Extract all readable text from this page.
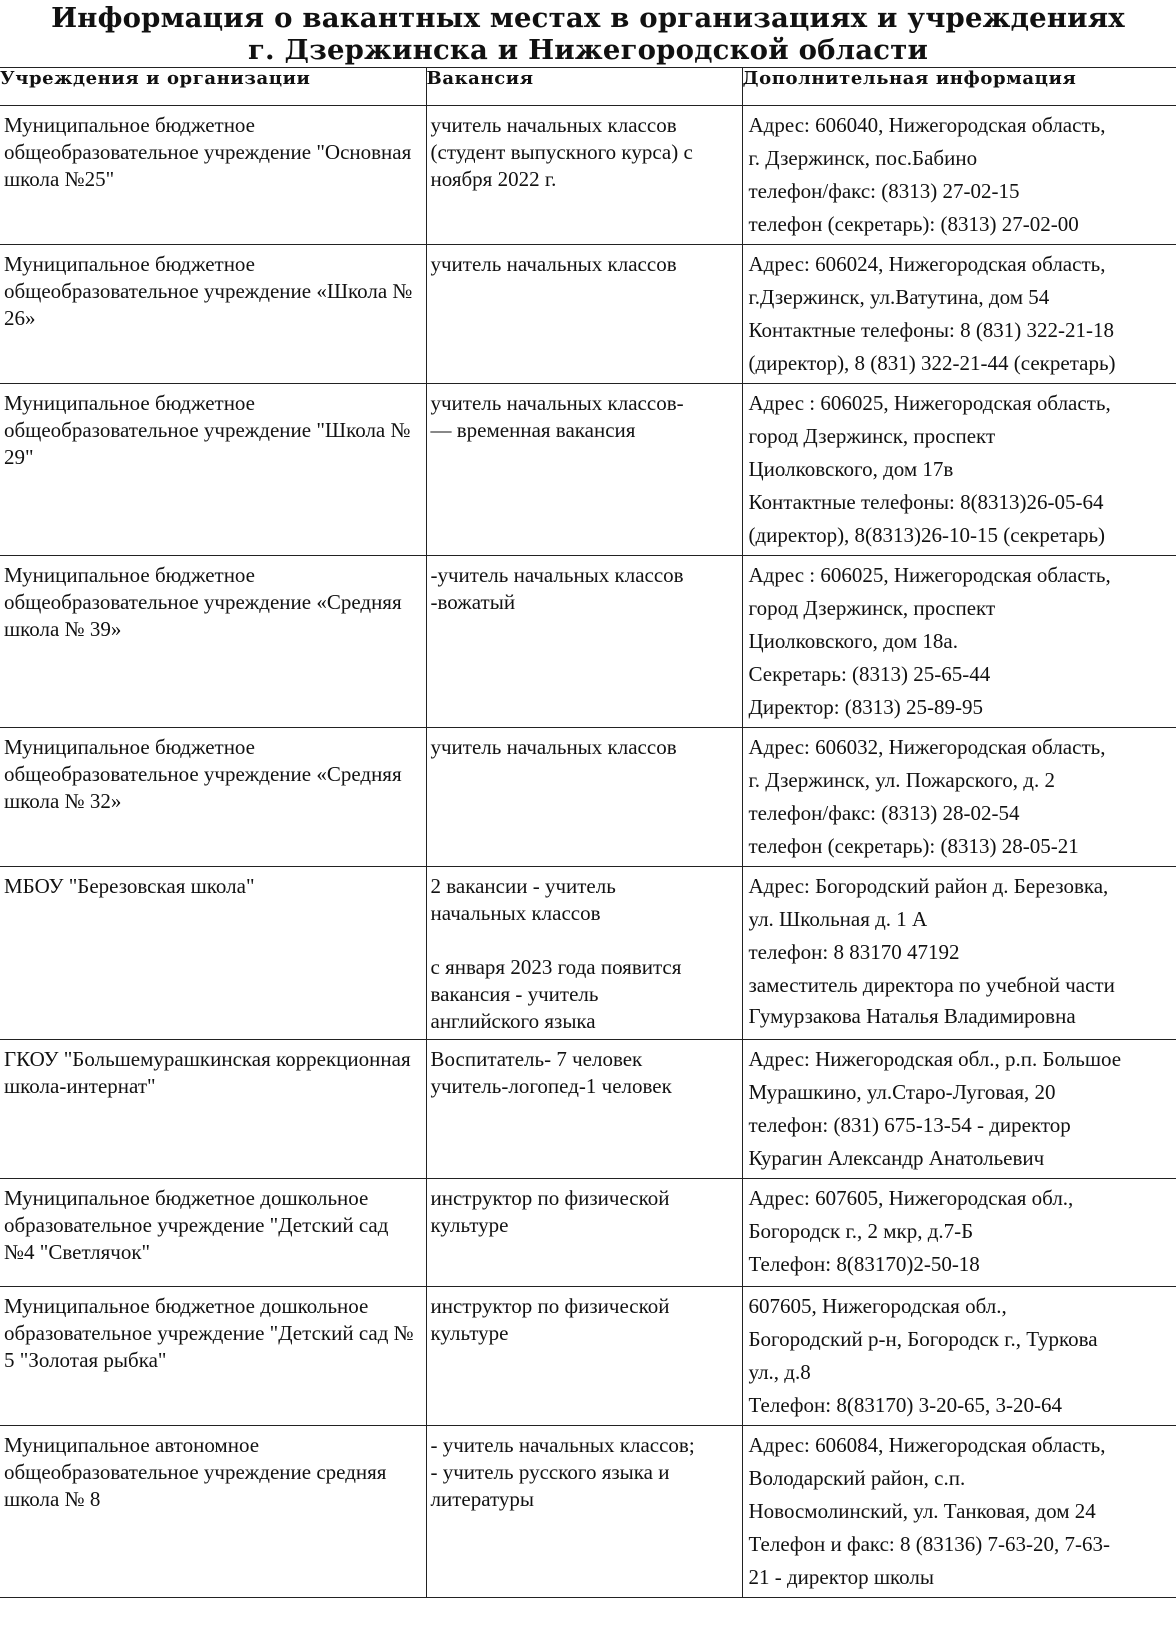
Информация о вакантных местах в организациях и учреждениях
г. Дзержинска и Нижегородской области
Учреждения и организации	Вакансия	Дополнительная информация

Муниципальное бюджетное общеобразовательное учреждение "Основная школа №25"	учитель начальных классов (студент выпускного курса) с ноября 2022 г.	Адрес: 606040, Нижегородская область,
г. Дзержинск, пос.Бабино
телефон/факс: (8313) 27-02-15
телефон (секретарь): (8313) 27-02-00

Муниципальное бюджетное общеобразовательное учреждение «Школа № 26»	учитель начальных классов	Адрес: 606024, Нижегородская область,
г.Дзержинск, ул.Ватутина, дом 54
Контактные телефоны: 8 (831) 322-21-18
(директор), 8 (831) 322-21-44 (секретарь)

Муниципальное бюджетное общеобразовательное учреждение "Школа № 29"	учитель начальных классов-
— временная вакансия	Адрес : 606025, Нижегородская область,
город Дзержинск, проспект
Циолковского, дом 17в
Контактные телефоны: 8(8313)26-05-64
(директор), 8(8313)26-10-15 (секретарь)

Муниципальное бюджетное общеобразовательное учреждение «Средняя школа № 39»	-учитель начальных классов
-вожатый	Адрес : 606025, Нижегородская область,
город Дзержинск, проспект
Циолковского, дом 18а.
Секретарь: (8313) 25-65-44
Директор: (8313) 25-89-95

Муниципальное бюджетное общеобразовательное учреждение «Средняя школа № 32»	учитель начальных классов	Адрес: 606032, Нижегородская область,
г. Дзержинск, ул. Пожарского, д. 2
телефон/факс: (8313) 28-02-54
телефон (секретарь): (8313) 28-05-21

МБОУ "Березовская школа"	2 вакансии - учитель
начальных классов

с января 2023 года появится
вакансия - учитель
английского языка	Адрес: Богородский район д. Березовка,
ул. Школьная д. 1 А
телефон: 8 83170 47192
заместитель директора по учебной части
Гумурзакова Наталья Владимировна

ГКОУ "Большемурашкинская коррекционная школа-интернат"	Воспитатель- 7 человек
учитель-логопед-1 человек	Адрес: Нижегородская обл., р.п. Большое
Мурашкино, ул.Старо-Луговая, 20
телефон: (831) 675-13-54 - директор
Курагин Александр Анатольевич

Муниципальное бюджетное дошкольное образовательное учреждение "Детский сад №4 "Светлячок"	инструктор по физической культуре	Адрес: 607605, Нижегородская обл.,
Богородск г., 2 мкр, д.7-Б
Телефон: 8(83170)2-50-18

Муниципальное бюджетное дошкольное образовательное учреждение "Детский сад № 5 "Золотая рыбка"	инструктор по физической культуре	607605, Нижегородская обл.,
Богородский р-н, Богородск г., Туркова
ул., д.8
Телефон: 8(83170) 3-20-65, 3-20-64

Муниципальное автономное общеобразовательное учреждение средняя школа № 8	- учитель начальных классов;
- учитель русского языка и
литературы	Адрес: 606084, Нижегородская область,
Володарский район, с.п.
Новосмолинский, ул. Танковая, дом 24
Телефон и факс: 8 (83136) 7-63-20, 7-63-
21 - директор школы
